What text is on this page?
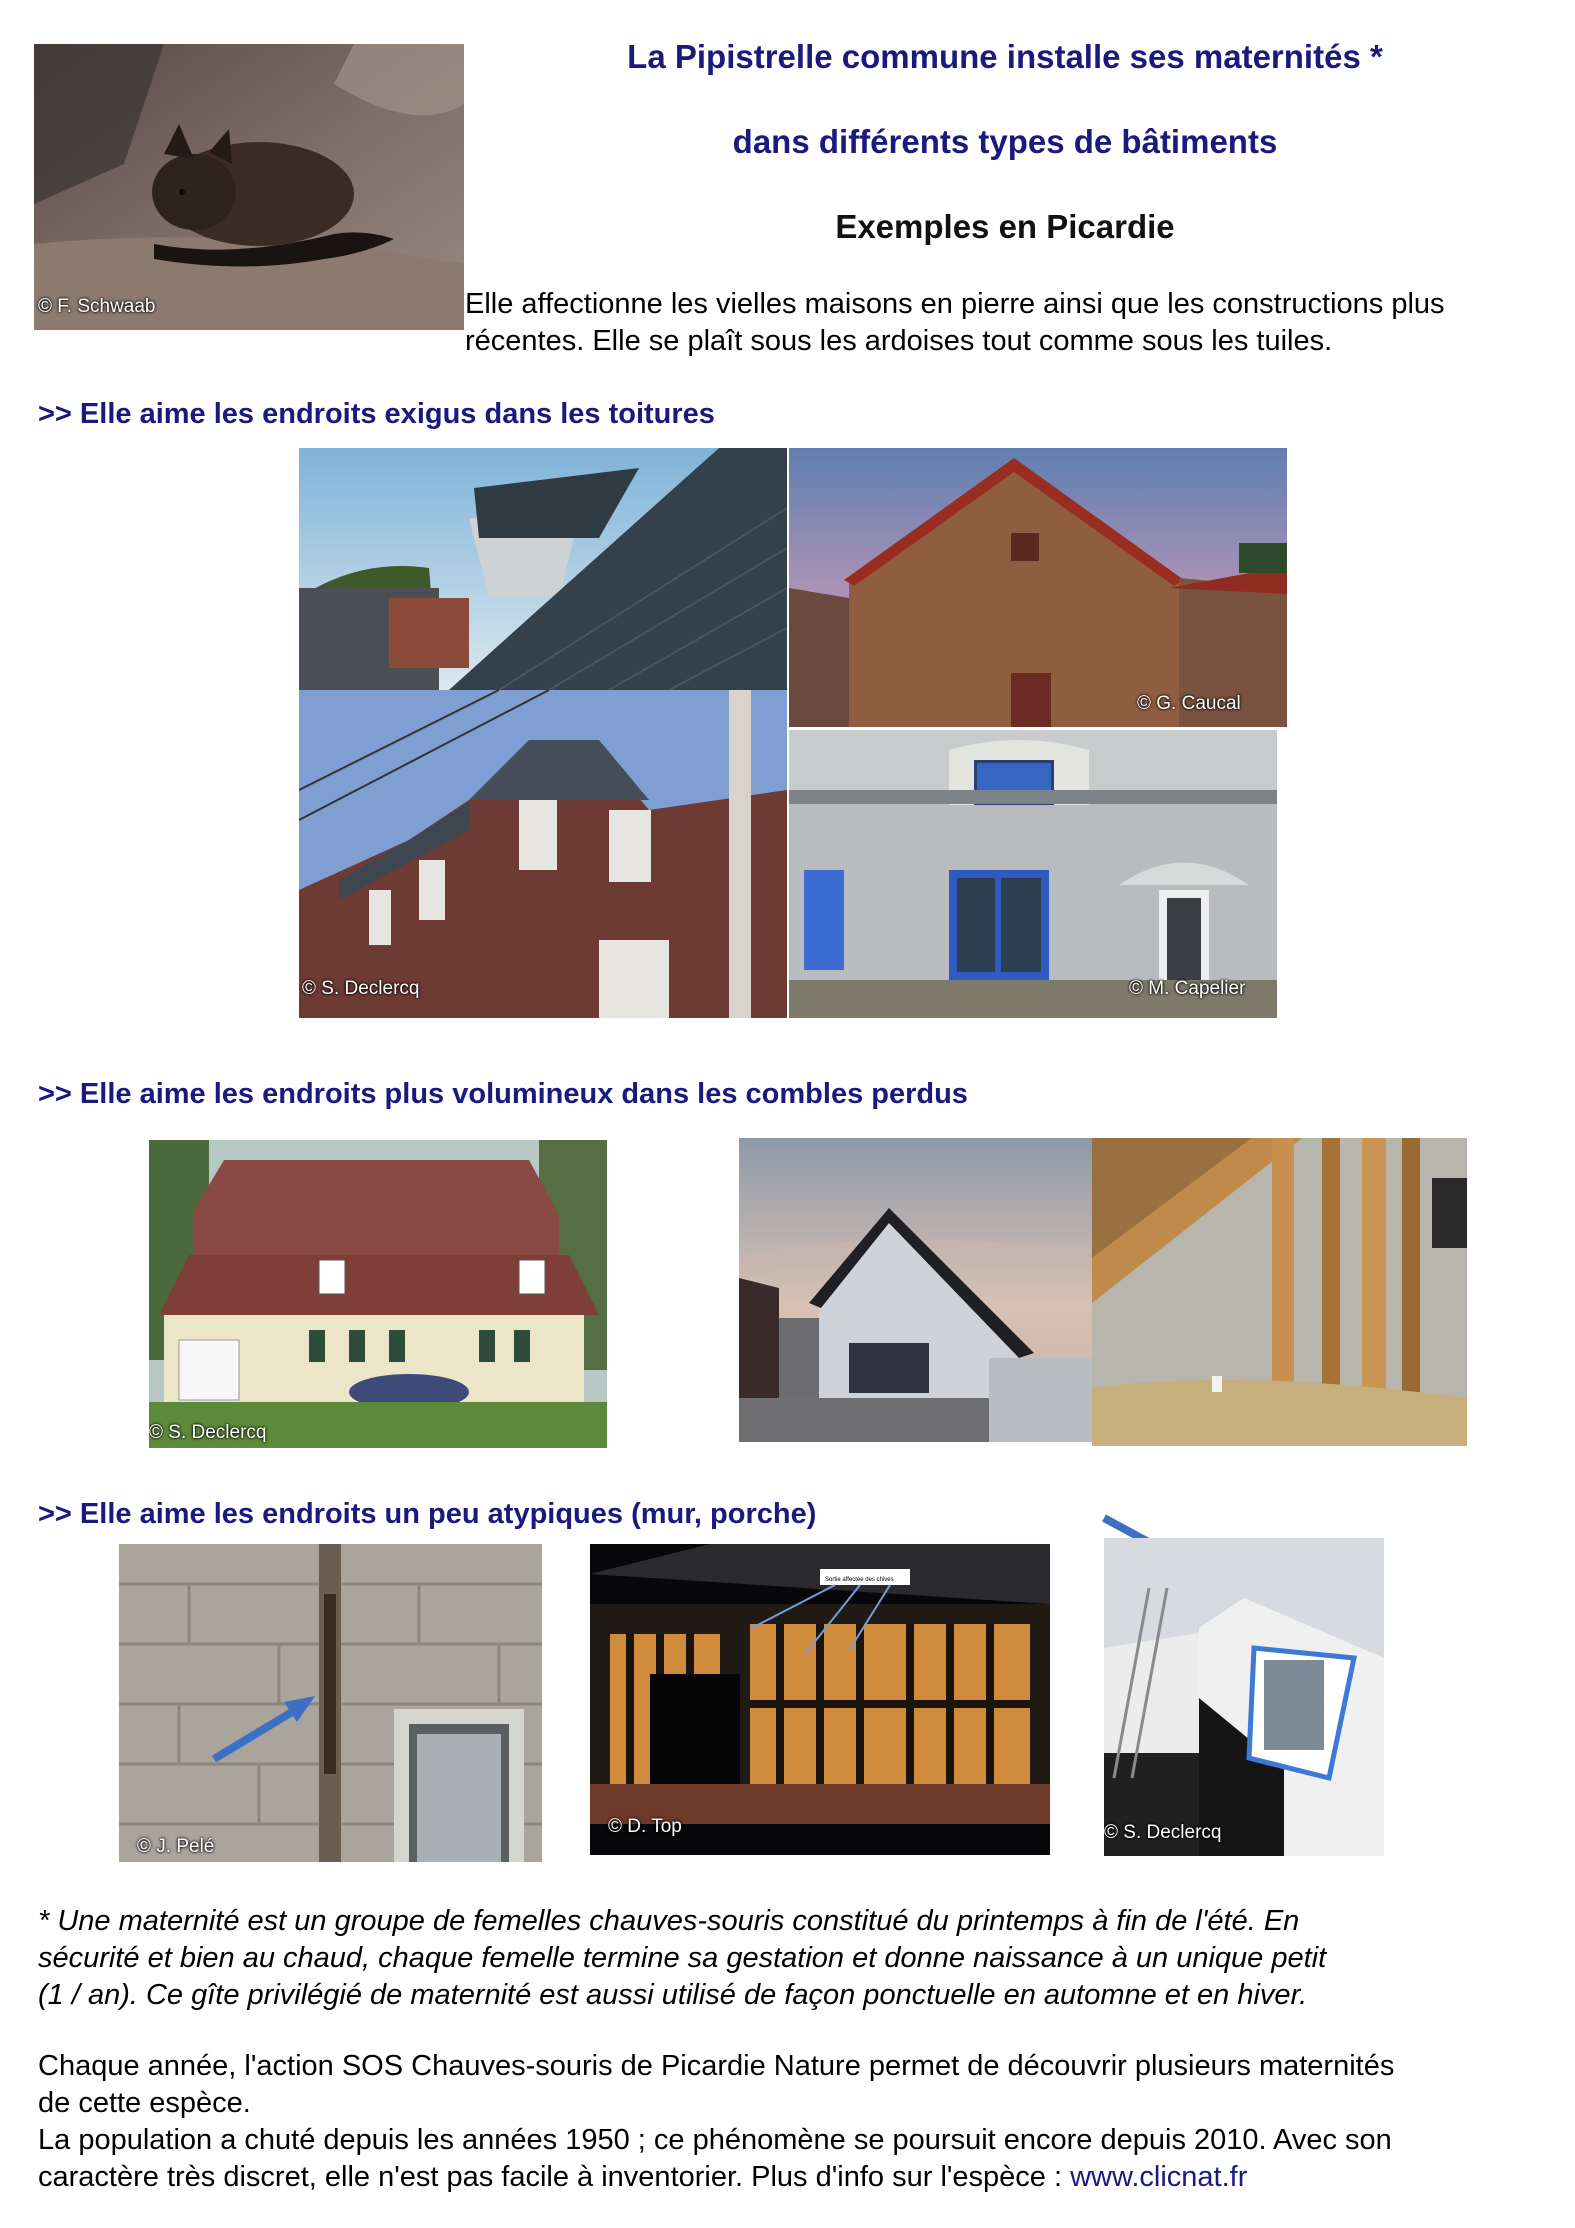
© F. Schwaab
La Pipistrelle commune installe ses maternités *
dans différents types de bâtiments
Exemples en Picardie
Elle affectionne les vielles maisons en pierre ainsi que les constructions plus
récentes. Elle se plaît sous les ardoises tout comme sous les tuiles.
>> Elle aime les endroits exigus dans les toitures
© G. Caucal
© S. Declercq	© M. Capelier
>> Elle aime les endroits plus volumineux dans les combles perdus
© S. Declercq
>> Elle aime les endroits un peu atypiques (mur, porche)
© J. Pelé
Sortie affectée des chives
© D. Top	© S. Declercq
* Une maternité est un groupe de femelles chauves-souris constitué du printemps à fin de l'été. En
sécurité et bien au chaud, chaque femelle termine sa gestation et donne naissance à un unique petit
(1 / an). Ce gîte privilégié de maternité est aussi utilisé de façon ponctuelle en automne et en hiver.
Chaque année, l'action SOS Chauves-souris de Picardie Nature permet de découvrir plusieurs maternités
de cette espèce.
La population a chuté depuis les années 1950 ; ce phénomène se poursuit encore depuis 2010. Avec son
caractère très discret, elle n'est pas facile à inventorier. Plus d'info sur l'espèce : www.clicnat.fr
